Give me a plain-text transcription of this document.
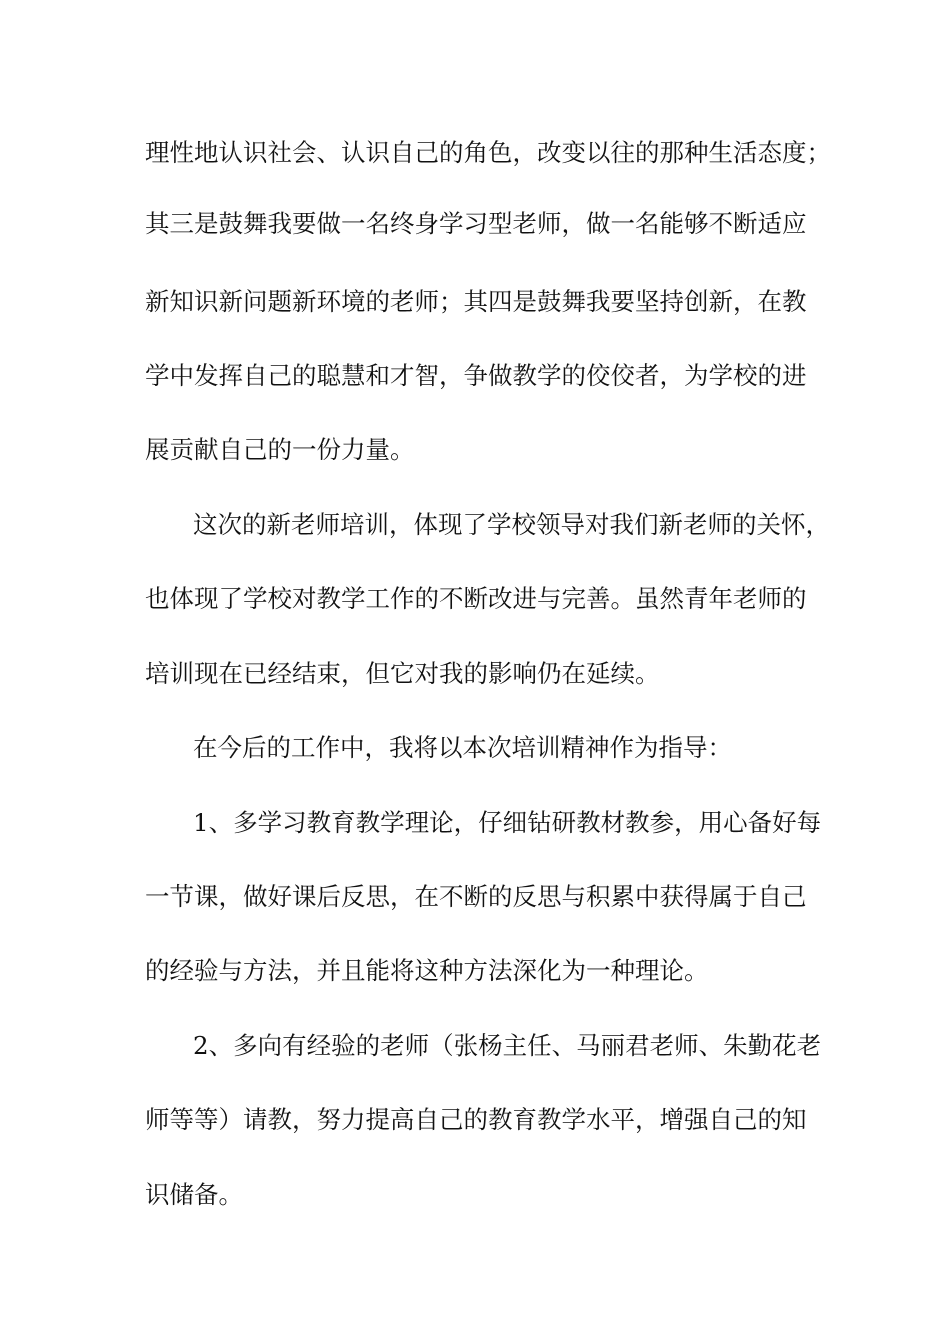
理性地认识社会、认识自己的角色，改变以往的那种生活态度；
其三是鼓舞我要做一名终身学习型老师，做一名能够不断适应
新知识新问题新环境的老师；其四是鼓舞我要坚持创新，在教
学中发挥自己的聪慧和才智，争做教学的佼佼者，为学校的进
展贡献自己的一份力量。
这次的新老师培训，体现了学校领导对我们新老师的关怀，
也体现了学校对教学工作的不断改进与完善。虽然青年老师的
培训现在已经结束，但它对我的影响仍在延续。
在今后的工作中，我将以本次培训精神作为指导：
1、多学习教育教学理论，仔细钻研教材教参，用心备好每
一节课，做好课后反思，在不断的反思与积累中获得属于自己
的经验与方法，并且能将这种方法深化为一种理论。
2、多向有经验的老师（张杨主任、马丽君老师、朱勤花老
师等等）请教，努力提高自己的教育教学水平，增强自己的知
识储备。
